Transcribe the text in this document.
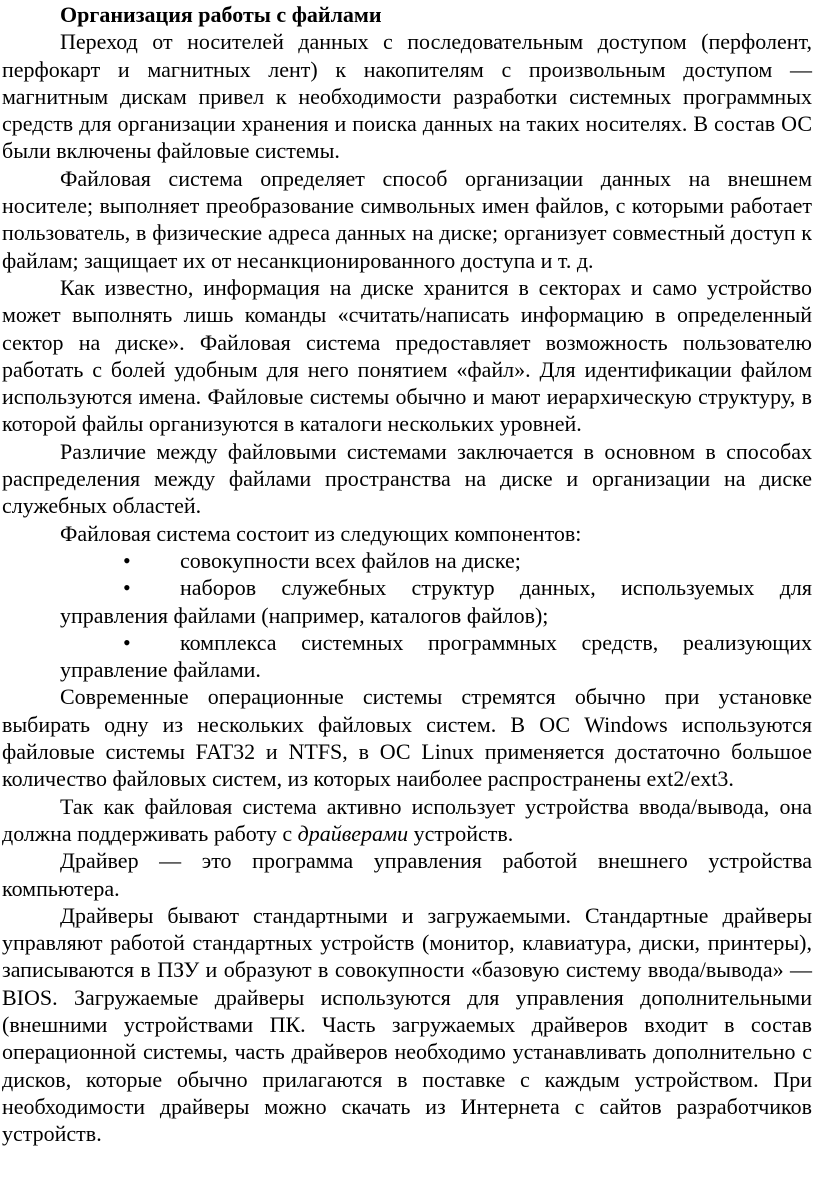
Организация работы с файлами

Переход от носителей данных с последовательным доступом (перфолент, перфокарт и магнитных лент) к накопителям с произвольным доступом — магнитным дискам привел к необходимости разработки системных программных средств для организации хранения и поиска данных на таких носителях. В состав ОС были включены файловые системы.

Файловая система определяет способ организации данных на внешнем носителе; выполняет преобразование символьных имен файлов, с которыми работает пользователь, в физические адреса данных на диске; организует совместный доступ к файлам; защищает их от несанкционированного доступа и т. д.

Как известно, информация на диске хранится в секторах и само устройство может выполнять лишь команды «считать/написать информацию в определенный сектор на диске». Файловая система предоставляет возможность пользователю работать с болей удобным для него понятием «файл». Для идентификации файлом используются имена. Файловые системы обычно и мают иерархическую структуру, в которой файлы организуются в каталоги нескольких уровней.

Различие между файловыми системами заключается в основном в способах распределения между файлами пространства на диске и организации на диске служебных областей.

Файловая система состоит из следующих компонентов:

• совокупности всех файлов на диске;
• наборов служебных структур данных, используемых для управления файлами (например, каталогов файлов);
• комплекса системных программных средств, реализующих управление файлами.

Современные операционные системы стремятся обычно при установке выбирать одну из нескольких файловых систем. В ОС Windows используются файловые системы FAT32 и NTFS, в ОС Linux применяется достаточно большое количество файловых систем, из которых наиболее распространены ext2/ext3.

Так как файловая система активно использует устройства ввода/вывода, она должна поддерживать работу с драйверами устройств.

Драйвер — это программа управления работой внешнего устройства компьютера.

Драйверы бывают стандартными и загружаемыми. Стандартные драйверы управляют работой стандартных устройств (монитор, клавиатура, диски, принтеры), записываются в ПЗУ и образуют в совокупности «базовую систему ввода/вывода» — BIOS. Загружаемые драйверы используются для управления дополнительными (внешними устройствами ПК. Часть загружаемых драйверов входит в состав операционной системы, часть драйверов необходимо устанавливать дополнительно с дисков, которые обычно прилагаются в поставке с каждым устройством. При необходимости драйверы можно скачать из Интернета с сайтов разработчиков устройств.
